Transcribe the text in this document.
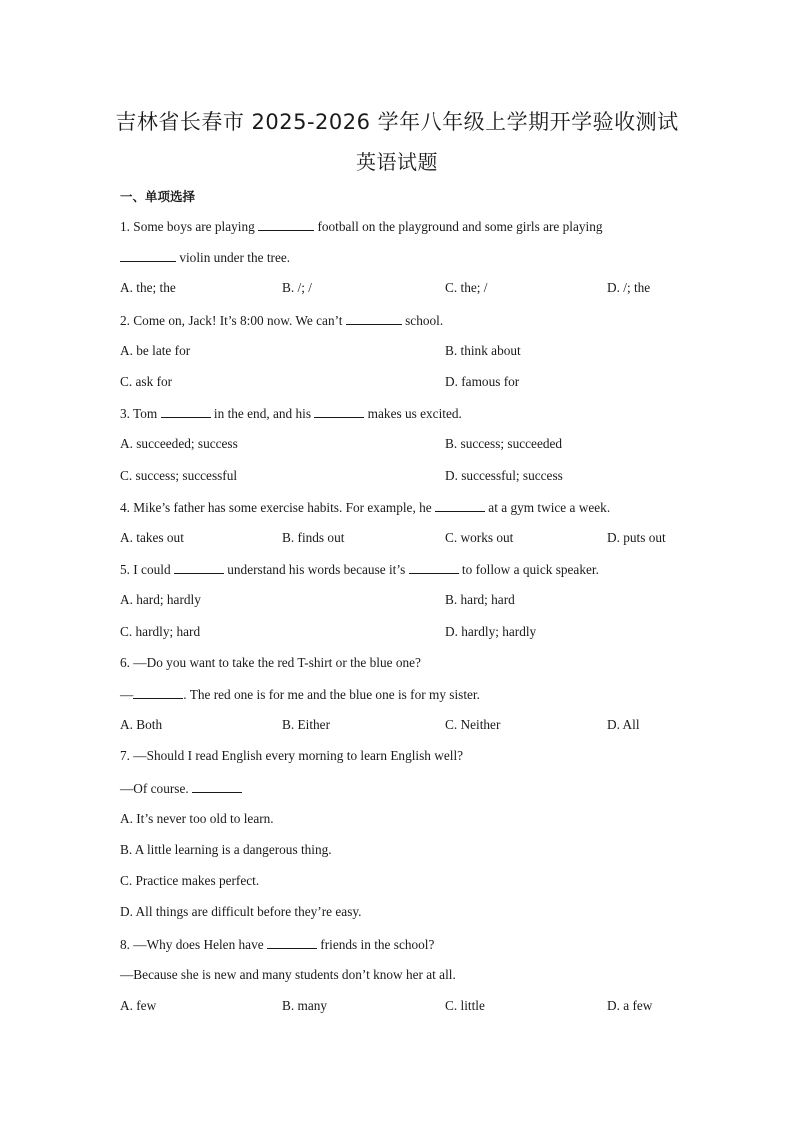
吉林省长春市 2025-2026 学年八年级上学期开学验收测试
英语试题
一、单项选择
1. Some boys are playing	football on the playground and some girls are playing
violin under the tree.
A. the; the	B. /; /	C. the; /	D. /; the
2. Come on, Jack! It’s 8:00 now. We can’t	school.
A. be late for	B. think about
C. ask for	D. famous for
3. Tom	in the end, and his	makes us excited.
A. succeeded; success	B. success; succeeded
C. success; successful	D. successful; success
4. Mike’s father has some exercise habits. For example, he	at a gym twice a week.
A. takes out	B. finds out	C. works out	D. puts out
5. I could	understand his words because it’s	to follow a quick speaker.
A. hard; hardly	B. hard; hard
C. hardly; hard	D. hardly; hardly
6. —Do you want to take the red T-shirt or the blue one?
—	. The red one is for me and the blue one is for my sister.
A. Both	B. Either	C. Neither	D. All
7. —Should I read English every morning to learn English well?
—Of course.
A. It’s never too old to learn.
B. A little learning is a dangerous thing.
C. Practice makes perfect.
D. All things are difficult before they’re easy.
8. —Why does Helen have	friends in the school?
—Because she is new and many students don’t know her at all.
A. few	B. many	C. little	D. a few
